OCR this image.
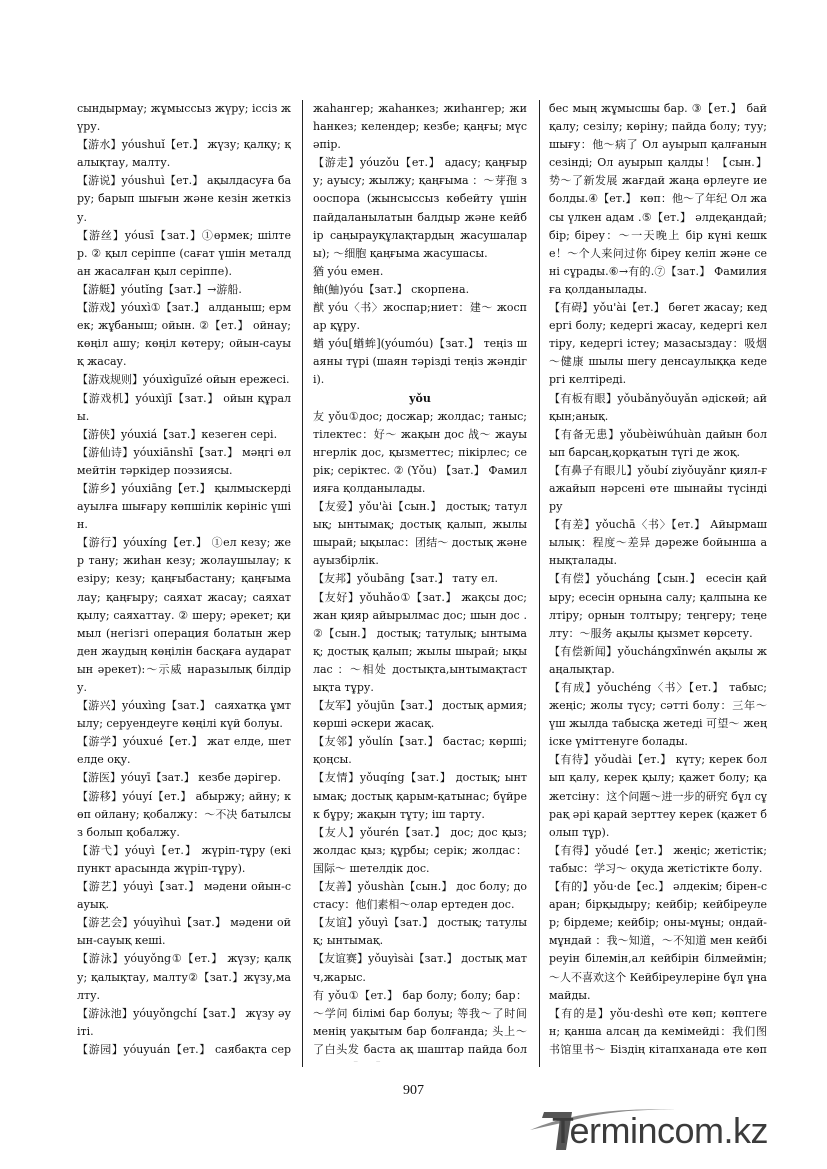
сындырмау; жұмыссыз жүру; іссіз жүру.

【游水】yóushuǐ【ет.】 жүзу; қалқу; қалықтау, малту.

【游说】yóushuì【ет.】 ақылдасуға бару; барып шығын және кезін жеткізу.

【游丝】yóusī【зат.】①өрмек; шілтер. ② қыл серіппе (сағат үшін металдан жасалған қыл серіппе).

【游艇】yóutǐng【зат.】→游船.

【游戏】yóuxì①【зат.】 алданыш; ермек; жұбаныш; ойын. ②【ет.】 ойнау; көңіл ашу; көңіл көтеру; ойын-сауық жасау.

【游戏规则】yóuxìguīzé ойын ережесі.

【游戏机】yóuxìjī【зат.】 ойын құралы.

【游侠】yóuxiá【зат.】кезеген сері.

【游仙诗】yóuxiānshī【зат.】 мәңгі өлмейтін тәркідер поэзиясы.

【游乡】yóuxiāng【ет.】 қылмыскерді ауылға шығару көпшілік көрініс үшін.

【游行】yóuxíng【ет.】 ①ел кезу; жер тану; жиһан кезу; жолаушылау; кезіру; кезу; қаңғыбастану; қаңғымалау; қаңғыру; саяхат жасау; саяхат қылу; саяхаттау. ② шеру; әрекет; қимыл (негізгі операция болатын жерден жаудың көңілін басқаға аударатын әрекет):～示威 наразылық білдіру.

【游兴】yóuxìng【зат.】 саяхатқа ұмтылу; серуендеуге көңілі күй болуы.

【游学】yóuxué【ет.】 жат елде, шет елде оқу.

【游医】yóuyī【зат.】 кезбе дәрігер.

【游移】yóuyí【ет.】 абыржу; айну; көп ойлану; қобалжу：～不决 батылсыз болып қобалжу.

【游弋】yóuyì【ет.】 жүріп-тұру (екі пункт арасында жүріп-тұру).

【游艺】yóuyì【зат.】 мәдени ойын-сауық.

【游艺会】yóuyìhuì【зат.】 мәдени ойын-сауық кеші.

【游泳】yóuyǒng①【ет.】 жүзу; қалқу; қалықтау, малту②【зат.】жүзу,малту.

【游泳池】yóuyǒngchí【зат.】 жүзу әуіті.

【游园】yóuyuán【ет.】 саябақта сер

жаһангер; жаһанкез; жиһангер; жиһанкез; келендер; кезбе; қаңғы; мүсәпір.

【游走】yóuzǒu【ет.】 адасу; қаңғыру; ауысу; жылжу; қаңғыма ：～芽孢 зооспора (жынсыссыз көбейту үшін пайдаланылатын балдыр және кейбір саңырауқұлақтардың жасушалары); ～细胞 қаңғыма жасушасы.

猶 yóu емен.

鲉(鮋)yóu【зат.】 скорпена.

猷 yóu〈书〉жоспар;ниет：建～ жоспар құру.

蝤 yóu[蝤蛑](yóumóu)【зат.】 теңіз шаяны түрі (шаян тәрізді теңіз жәндігі).

yǒu

友 yǒu①дос; досжар; жолдас; таныс; тілектес：好～ жақын дос 战～ жауынгерлік дос, қызметтес; пікірлес; серік; серіктес. ② (Yǒu) 【зат.】 Фамилияға қолданылады.

【友爱】yǒu'ài【сын.】 достық; татулық; ынтымақ; достық қалып, жылы шырай; ықылас：团结～ достық және ауызбірлік.

【友邦】yǒubāng【зат.】 тату ел.

【友好】yǒuhǎo①【зат.】 жақсы дос; жан қияр айырылмас дос; шын дос .②【сын.】 достық; татулық; ынтымақ; достық қалып; жылы шырай; ықылас ：～相处 достықта,ынтымақтастықта тұру.

【友军】yǒujūn【зат.】 достық армия; көрші әскери жасақ.

【友邻】yǒulín【зат.】 бастас; көрші; қоңсы.

【友情】yǒuqíng【зат.】 достық; ынтымақ; достық қарым-қатынас; бүйрек бұру; жақын тұту; іш тарту.

【友人】yǒurén【зат.】 дос; дос қыз; жолдас қыз; құрбы; серік; жолдас：国际～ шетелдік дос.

【友善】yǒushàn【сын.】 дос болу; достасу：他们素相～олар ертеден дос.

【友谊】yǒuyì【зат.】 достық; татулық; ынтымақ.

【友谊赛】yǒuyìsài【зат.】 достық матч,жарыс.

有 yǒu①【ет.】 бар болу; болу; бар：～学问 білімі бар болуы; 等我～了时间 менің уақытым бар болғанда; 头上～了白头发 баста ақ шаштар пайда бол

бес мың жұмысшы бар. ③【ет.】 байқалу; сезілу; көріну; пайда болу; туу; шығу：他～病了 Ол ауырып қалғанын сезінді; Ол ауырып қалды！【сын.】 势～了新发展 жағдай жаңа өрлеуге ие болды.④【ет.】 көп：他～了年纪 Ол жасы үлкен адам .⑤【ет.】 әлдеқандай; бір; біреу：～一天晚上 бір күні кешке！～个人来问过你 біреу келіп және сені сұрады.⑥→有的.⑦【зат.】 Фамилияға қолданылады.

【有碍】yǒu'ài【ет.】 бөгет жасау; кедергі болу; кедергі жасау, кедергі келтіру, кедергі істеу; мазасыздау：吸烟～健康 шылы шегу денсаулыққа кедергі келтіреді.

【有板有眼】yǒubǎnyǒuyǎn әдіскөй; айқын;анық.

【有备无患】yǒubèiwúhuàn дайын болып барсаң,қорқатын түгі де жоқ.

【有鼻子有眼儿】yǒubí ziyǒuyǎnr қиял-ғажайып нәрсені өте шынайы түсіндіру

【有差】yǒuchā〈书〉【ет.】 Айырмашылық：程度～差异 дәреже бойынша анықталады.

【有偿】yǒucháng【сын.】 есесін қайыру; есесін орнына салу; қалпына келтіру; орнын толтыру; теңгеру; теңелту：～服务 ақылы қызмет көрсету.

【有偿新闻】yǒuchángxīnwén ақылы жаңалықтар.

【有成】yǒuchéng〈书〉【ет.】 табыс; жеңіс; жолы түсу; сәтті болу：三年～ үш жылда табысқа жетеді 可望～ жеңіске үміттенуге болады.

【有待】yǒudài【ет.】 күту; керек болып қалу, керек қылу; қажет болу; қажетсіну：这个问题～进一步的研究 бұл сұрақ әрі қарай зерттеу керек (қажет болып тұр).

【有得】yǒudé【ет.】 жеңіс; жетістік; табыс：学习～ оқуда жетістікте болу.

【有的】yǒu·de【ес.】 әлдекім; бірен-саран; бірқыдыру; кейбір; кейбіреулер; бірдеме; кейбір; оны-мұны; ондай-мұндай ：我～知道，～不知道 мен кейбіреуін білемін,ал кейбірін білмеймін; ～人不喜欢这个 Кейбіреулеріне бұл ұнамайды.

【有的是】yǒu·deshì өте көп; көптеген; қанша алсаң да кемімейді：我们图书馆里书～ Біздің кітапханада өте көп

907
Termincom.kz
